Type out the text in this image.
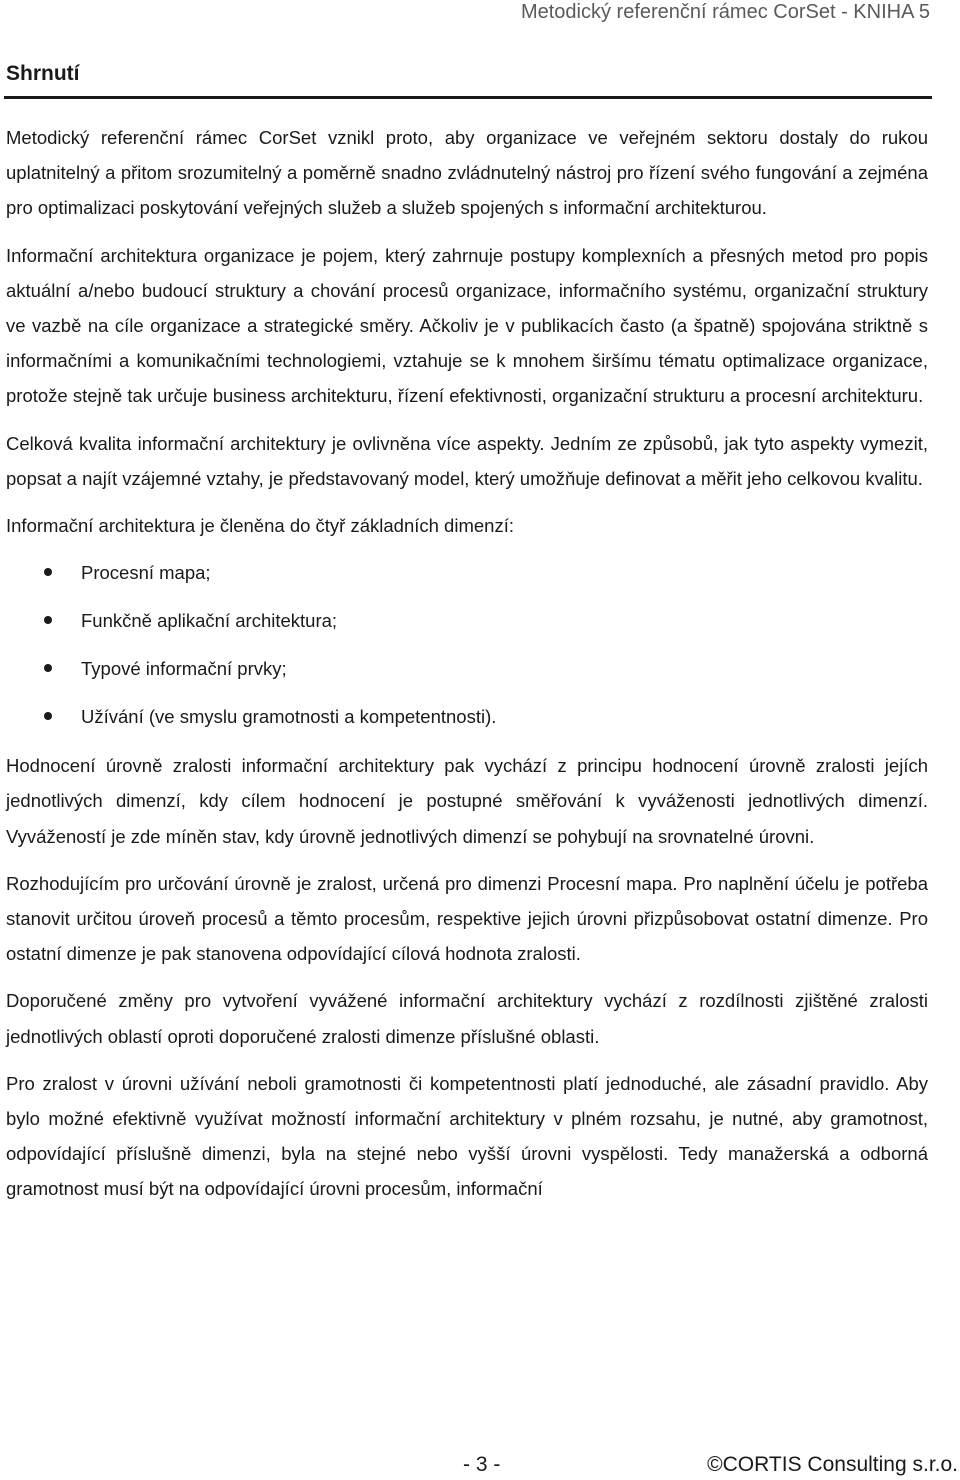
Metodický referenční rámec CorSet - KNIHA 5
Shrnutí

Metodický referenční rámec CorSet vznikl proto, aby organizace ve veřejném sektoru dostaly do rukou uplatnitelný a přitom srozumitelný a poměrně snadno zvládnutelný nástroj pro řízení svého fungování a zejména pro optimalizaci poskytování veřejných služeb a služeb spojených s informační architekturou.

Informační architektura organizace je pojem, který zahrnuje postupy komplexních a přesných metod pro popis aktuální a/nebo budoucí struktury a chování procesů organizace, informačního systému, organizační struktury ve vazbě na cíle organizace a strategické směry. Ačkoliv je v publikacích často (a špatně) spojována striktně s informačními a komunikačními technologiemi, vztahuje se k mnohem širšímu tématu optimalizace organizace, protože stejně tak určuje business architekturu, řízení efektivnosti, organizační strukturu a procesní architekturu.

Celková kvalita informační architektury je ovlivněna více aspekty. Jedním ze způsobů, jak tyto aspekty vymezit, popsat a najít vzájemné vztahy, je představovaný model, který umožňuje definovat a měřit jeho celkovou kvalitu.

Informační architektura je členěna do čtyř základních dimenzí:

Procesní mapa;
Funkčně aplikační architektura;
Typové informační prvky;
Užívání (ve smyslu gramotnosti a kompetentnosti).

Hodnocení úrovně zralosti informační architektury pak vychází z principu hodnocení úrovně zralosti jejích jednotlivých dimenzí, kdy cílem hodnocení je postupné směřování k vyváženosti jednotlivých dimenzí. Vyvážeností je zde míněn stav, kdy úrovně jednotlivých dimenzí se pohybují na srovnatelné úrovni.

Rozhodujícím pro určování úrovně je zralost, určená pro dimenzi Procesní mapa. Pro naplnění účelu je potřeba stanovit určitou úroveň procesů a těmto procesům, respektive jejich úrovni přizpůsobovat ostatní dimenze. Pro ostatní dimenze je pak stanovena odpovídající cílová hodnota zralosti.

Doporučené změny pro vytvoření vyvážené informační architektury vychází z rozdílnosti zjištěné zralosti jednotlivých oblastí oproti doporučené zralosti dimenze příslušné oblasti.

Pro zralost v úrovni užívání neboli gramotnosti či kompetentnosti platí jednoduché, ale zásadní pravidlo. Aby bylo možné efektivně využívat možností informační architektury v plném rozsahu, je nutné, aby gramotnost, odpovídající příslušně dimenzi, byla na stejné nebo vyšší úrovni vyspělosti. Tedy manažerská a odborná gramotnost musí být na odpovídající úrovni procesům, informační

- 3 -	©CORTIS Consulting s.r.o.
